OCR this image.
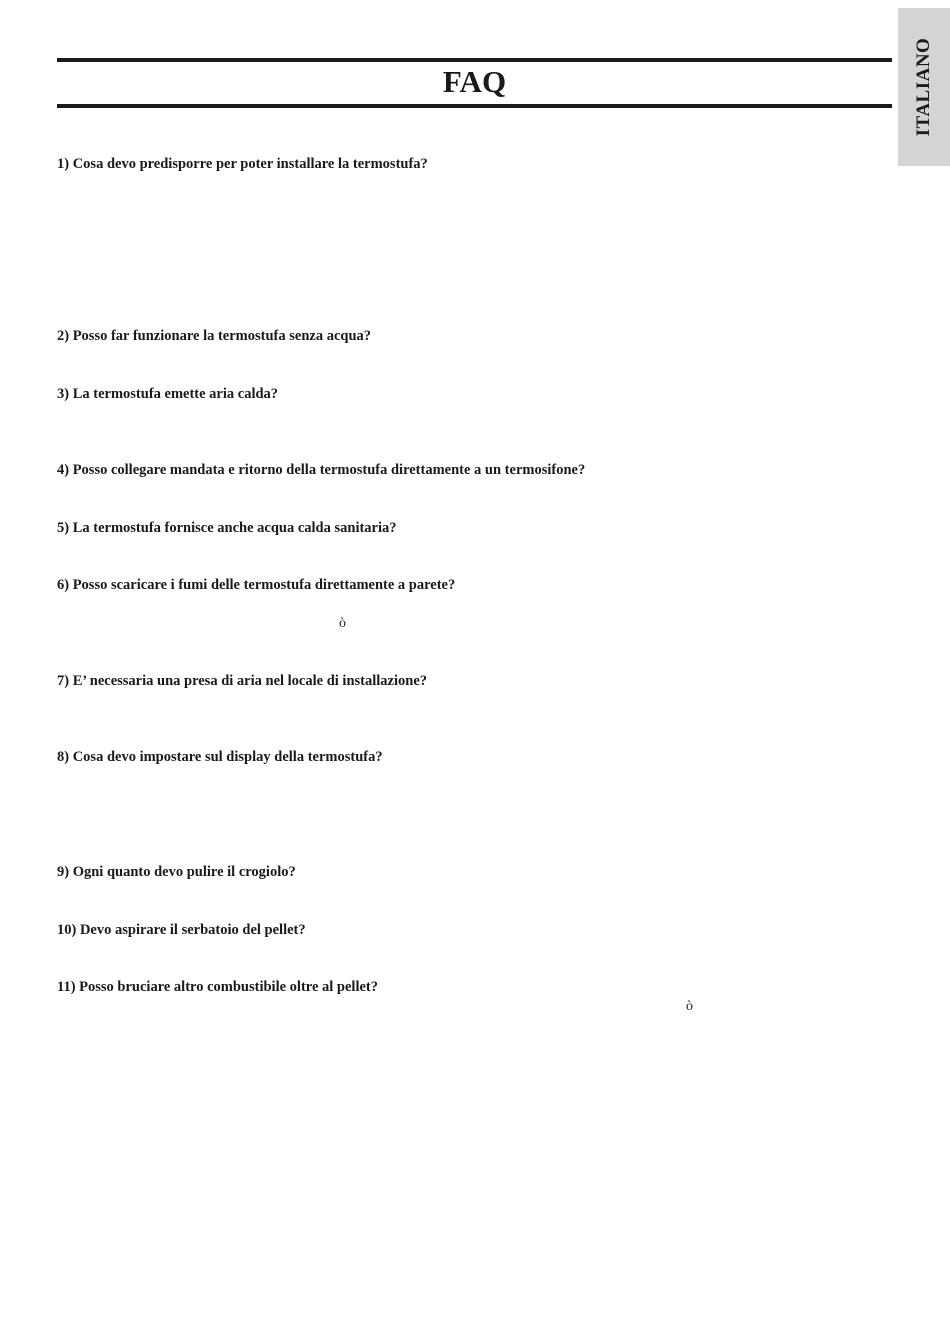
ITALIANO
FAQ
1) Cosa devo predisporre per poter installare la termostufa?
2) Posso far funzionare la termostufa senza acqua?
3) La termostufa emette aria calda?
4) Posso collegare mandata e ritorno della termostufa direttamente a un termosifone?
5) La termostufa fornisce anche acqua calda sanitaria?
6) Posso scaricare i fumi delle termostufa direttamente a parete?
ò
7) E’ necessaria una presa di aria nel locale di installazione?
8) Cosa devo impostare sul display della termostufa?
9) Ogni quanto devo pulire il crogiolo?
10) Devo aspirare il serbatoio del pellet?
11) Posso bruciare altro combustibile oltre al pellet?
ò
